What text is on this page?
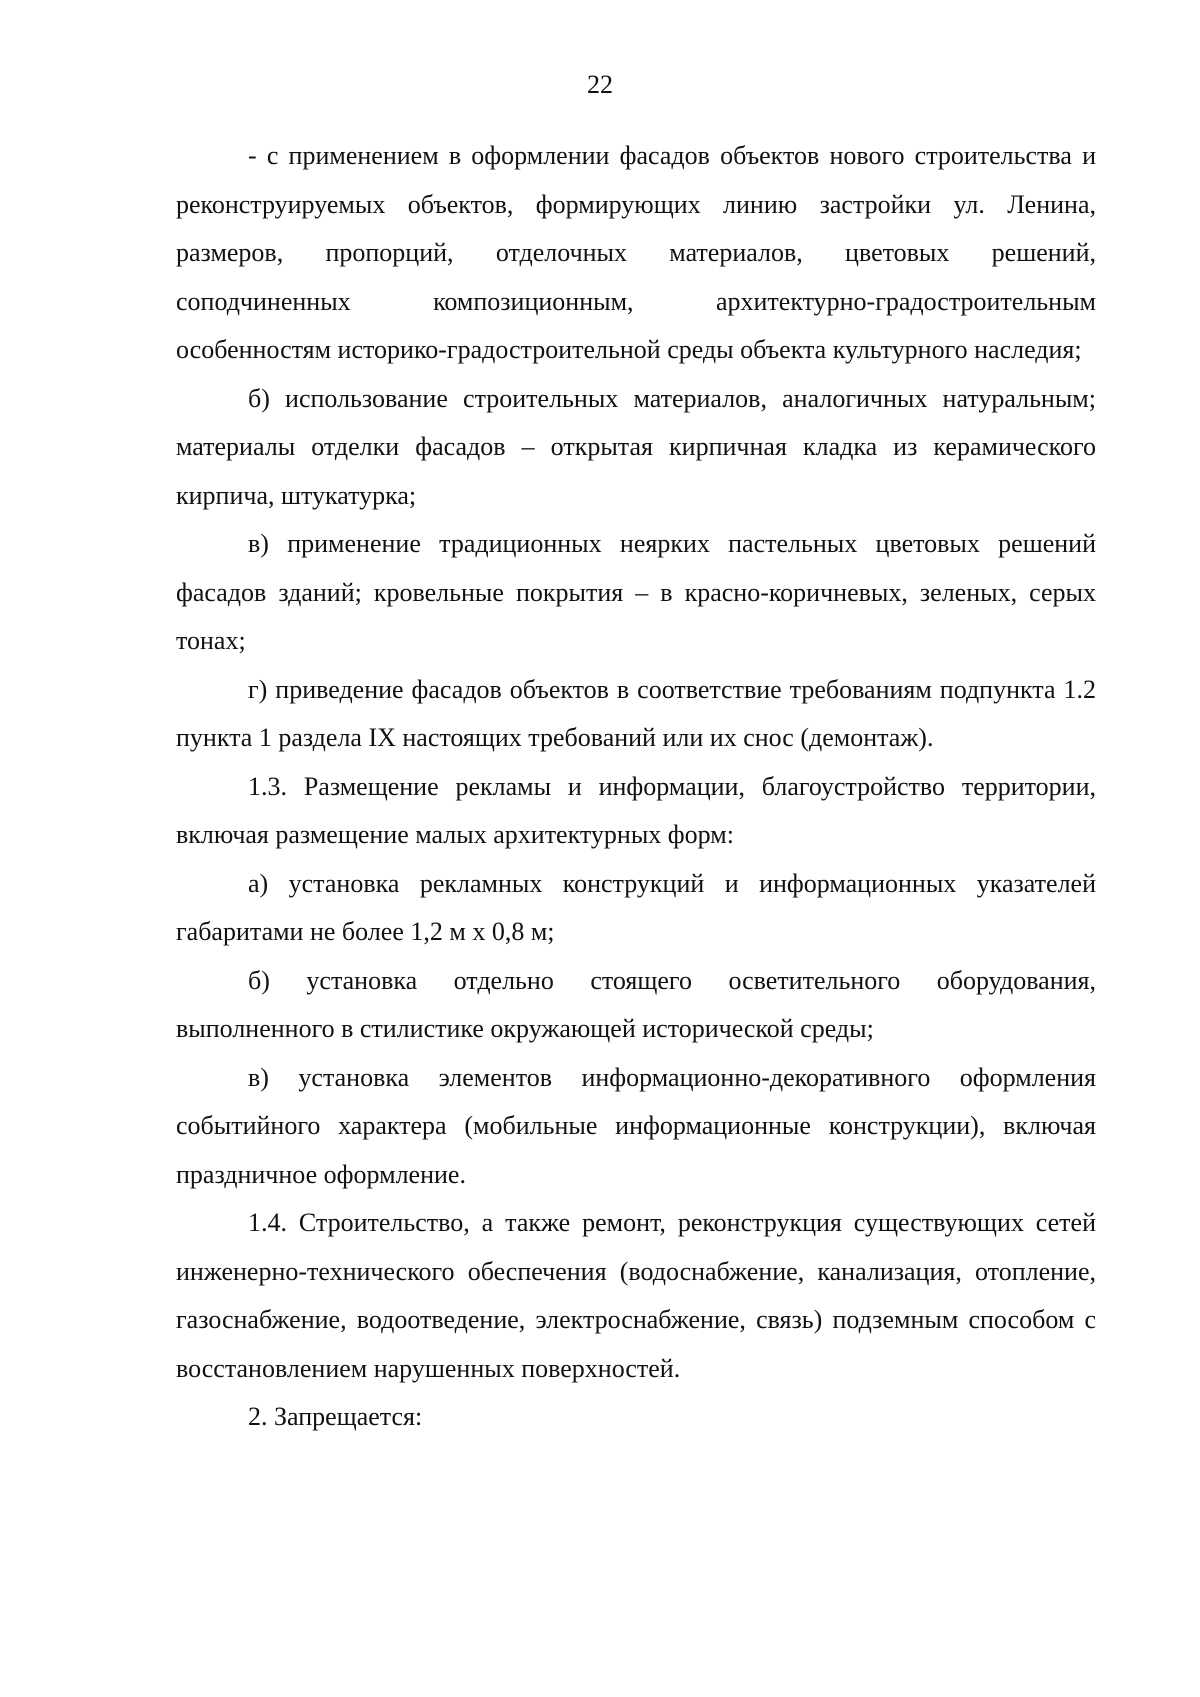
22

- с применением в оформлении фасадов объектов нового строительства и реконструируемых объектов, формирующих линию застройки ул. Ленина, размеров, пропорций, отделочных материалов, цветовых решений, соподчиненных композиционным, архитектурно-градостроительным особенностям историко-градостроительной среды объекта культурного наследия;

б) использование строительных материалов, аналогичных натуральным; материалы отделки фасадов – открытая кирпичная кладка из керамического кирпича, штукатурка;

в) применение традиционных неярких пастельных цветовых решений фасадов зданий; кровельные покрытия – в красно-коричневых, зеленых, серых тонах;

г) приведение фасадов объектов в соответствие требованиям подпункта 1.2 пункта 1 раздела IX настоящих требований или их снос (демонтаж).

1.3. Размещение рекламы и информации, благоустройство территории, включая размещение малых архитектурных форм:

а) установка рекламных конструкций и информационных указателей габаритами не более 1,2 м х 0,8 м;

б) установка отдельно стоящего осветительного оборудования, выполненного в стилистике окружающей исторической среды;

в) установка элементов информационно-декоративного оформления событийного характера (мобильные информационные конструкции), включая праздничное оформление.

1.4. Строительство, а также ремонт, реконструкция существующих сетей инженерно-технического обеспечения (водоснабжение, канализация, отопление, газоснабжение, водоотведение, электроснабжение, связь) подземным способом с восстановлением нарушенных поверхностей.

2. Запрещается:
